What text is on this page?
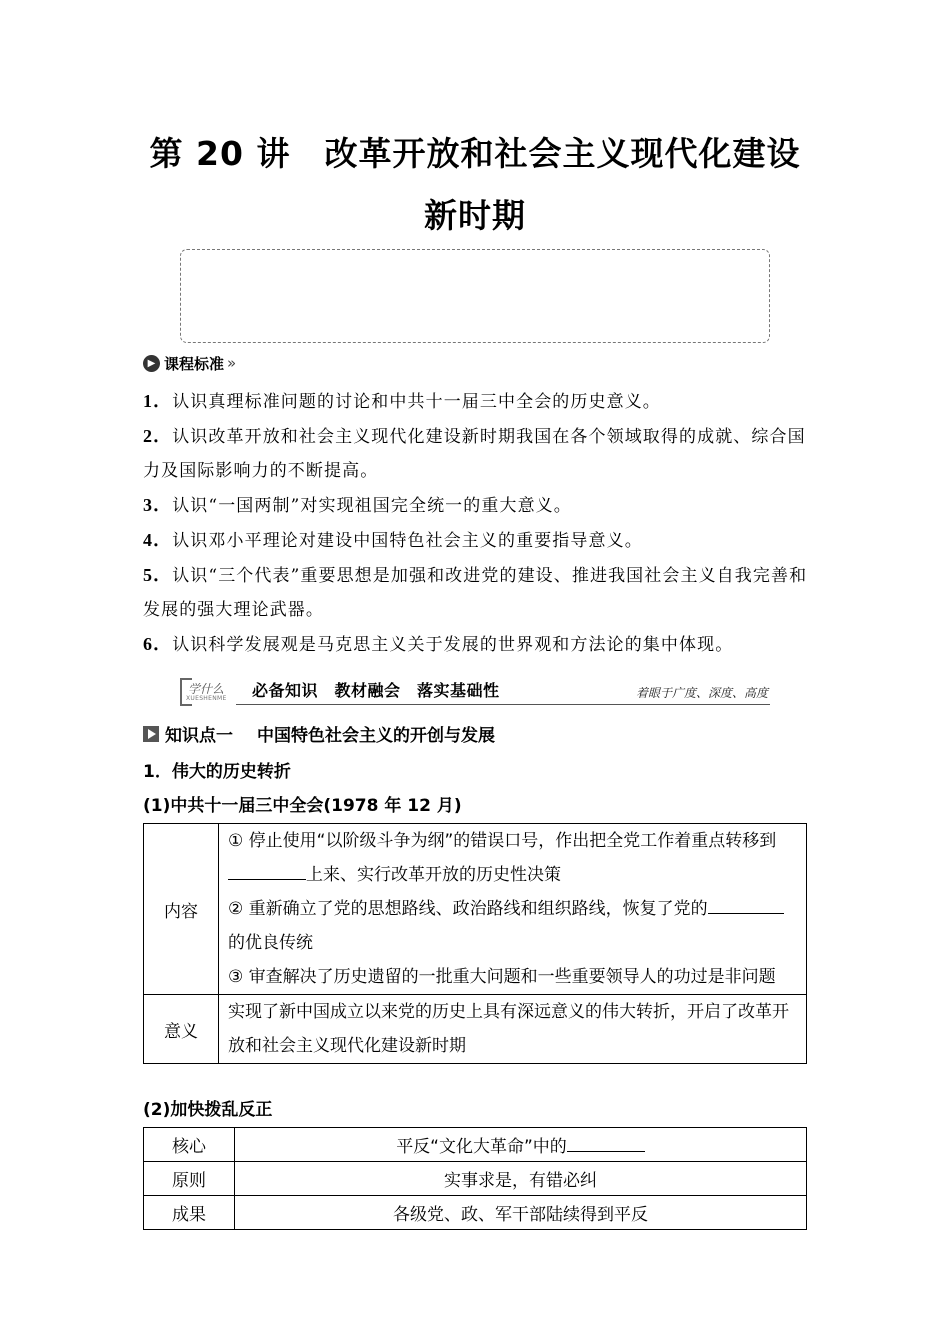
第 20 讲　改革开放和社会主义现代化建设
新时期
▶ 课程标准 »
1．认识真理标准问题的讨论和中共十一届三中全会的历史意义。
2．认识改革开放和社会主义现代化建设新时期我国在各个领域取得的成就、综合国力及国际影响力的不断提高。
3．认识“一国两制”对实现祖国完全统一的重大意义。
4．认识邓小平理论对建设中国特色社会主义的重要指导意义。
5．认识“三个代表”重要思想是加强和改进党的建设、推进我国社会主义自我完善和发展的强大理论武器。
6．认识科学发展观是马克思主义关于发展的世界观和方法论的集中体现。
学什么
XUESHENME 必备知识　教材融会　落实基础性	着眼于广度、深度、高度
知识点一 中国特色社会主义的开创与发展
1．伟大的历史转折
(1)中共十一届三中全会(1978 年 12 月)
内容	① 停止使用“以阶级斗争为纲”的错误口号，作出把全党工作着重点转移到上来、实行改革开放的历史性决策
② 重新确立了党的思想路线、政治路线和组织路线，恢复了党的的优良传统
③ 审查解决了历史遗留的一批重大问题和一些重要领导人的功过是非问题

意义	实现了新中国成立以来党的历史上具有深远意义的伟大转折，开启了改革开放和社会主义现代化建设新时期
(2)加快拨乱反正
核心	平反“文化大革命”中的
原则	实事求是，有错必纠
成果	各级党、政、军干部陆续得到平反
